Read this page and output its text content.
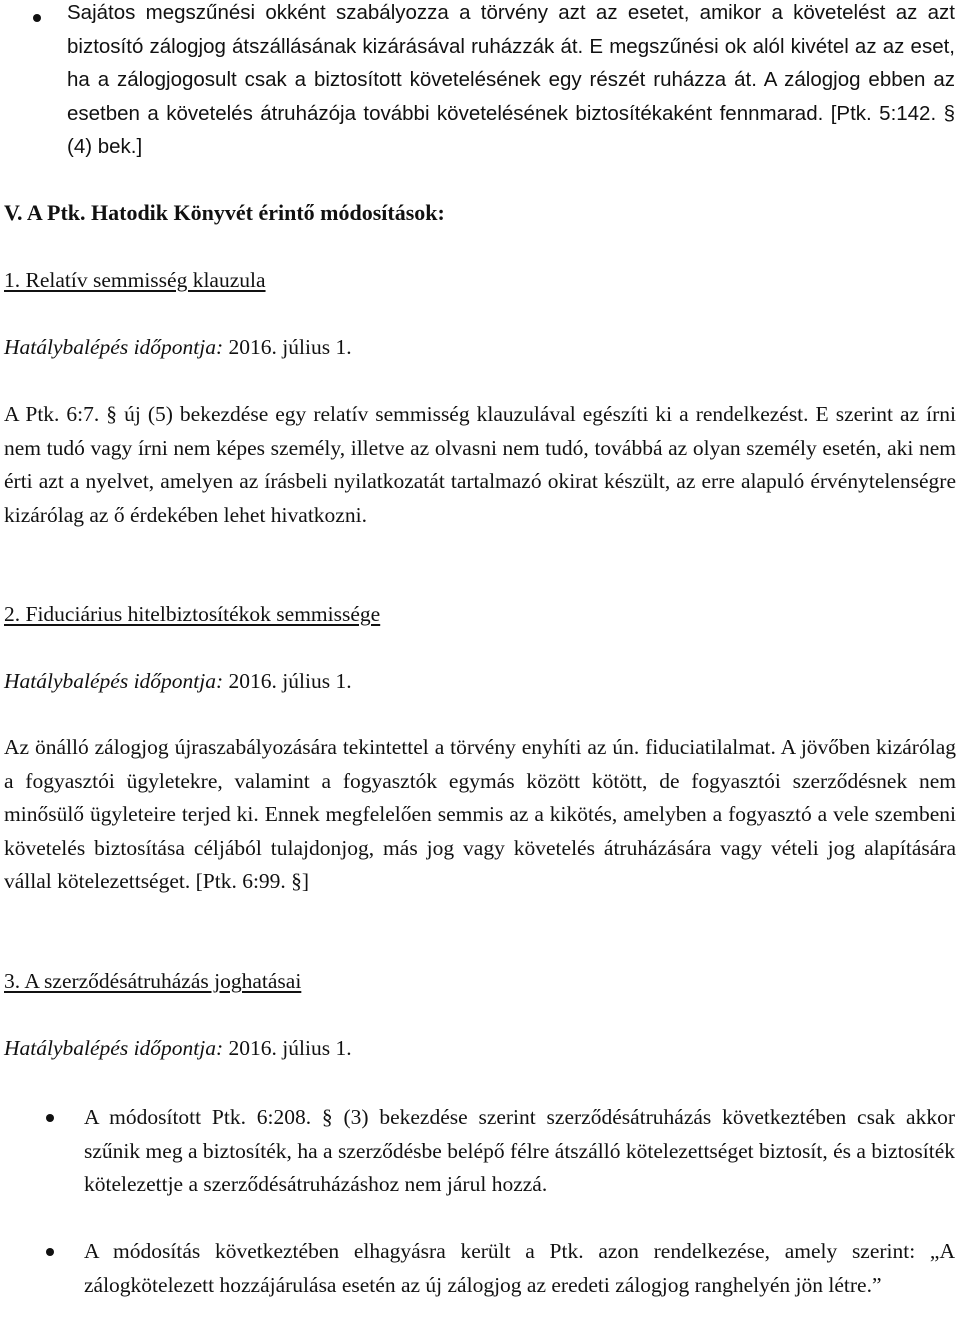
Sajátos megszűnési okként szabályozza a törvény azt az esetet, amikor a követelést az azt biztosító zálogjog átszállásának kizárásával ruházzák át. E megszűnési ok alól kivétel az az eset, ha a zálogjogosult csak a biztosított követelésének egy részét ruházza át. A zálogjog ebben az esetben a követelés átruházója további követelésének biztosítékaként fennmarad. [Ptk. 5:142. § (4) bek.]

V. A Ptk. Hatodik Könyvét érintő módosítások:

1. Relatív semmisség klauzula

Hatálybalépés időpontja: 2016. július 1.

A Ptk. 6:7. § új (5) bekezdése egy relatív semmisség klauzulával egészíti ki a rendelkezést. E szerint az írni nem tudó vagy írni nem képes személy, illetve az olvasni nem tudó, továbbá az olyan személy esetén, aki nem érti azt a nyelvet, amelyen az írásbeli nyilatkozatát tartalmazó okirat készült, az erre alapuló érvénytelenségre kizárólag az ő érdekében lehet hivatkozni.

2. Fiduciárius hitelbiztosítékok semmissége

Hatálybalépés időpontja: 2016. július 1.

Az önálló zálogjog újraszabályozására tekintettel a törvény enyhíti az ún. fiduciatilalmat. A jövőben kizárólag a fogyasztói ügyletekre, valamint a fogyasztók egymás között kötött, de fogyasztói szerződésnek nem minősülő ügyleteire terjed ki. Ennek megfelelően semmis az a kikötés, amelyben a fogyasztó a vele szembeni követelés biztosítása céljából tulajdonjog, más jog vagy követelés átruházására vagy vételi jog alapítására vállal kötelezettséget. [Ptk. 6:99. §]

3. A szerződésátruházás joghatásai

Hatálybalépés időpontja: 2016. július 1.

A módosított Ptk. 6:208. § (3) bekezdése szerint szerződésátruházás következtében csak akkor szűnik meg a biztosíték, ha a szerződésbe belépő félre átszálló kötelezettséget biztosít, és a biztosíték kötelezettje a szerződésátruházáshoz nem járul hozzá.

A módosítás következtében elhagyásra került a Ptk. azon rendelkezése, amely szerint: „A zálogkötelezett hozzájárulása esetén az új zálogjog az eredeti zálogjog ranghelyén jön létre.”
